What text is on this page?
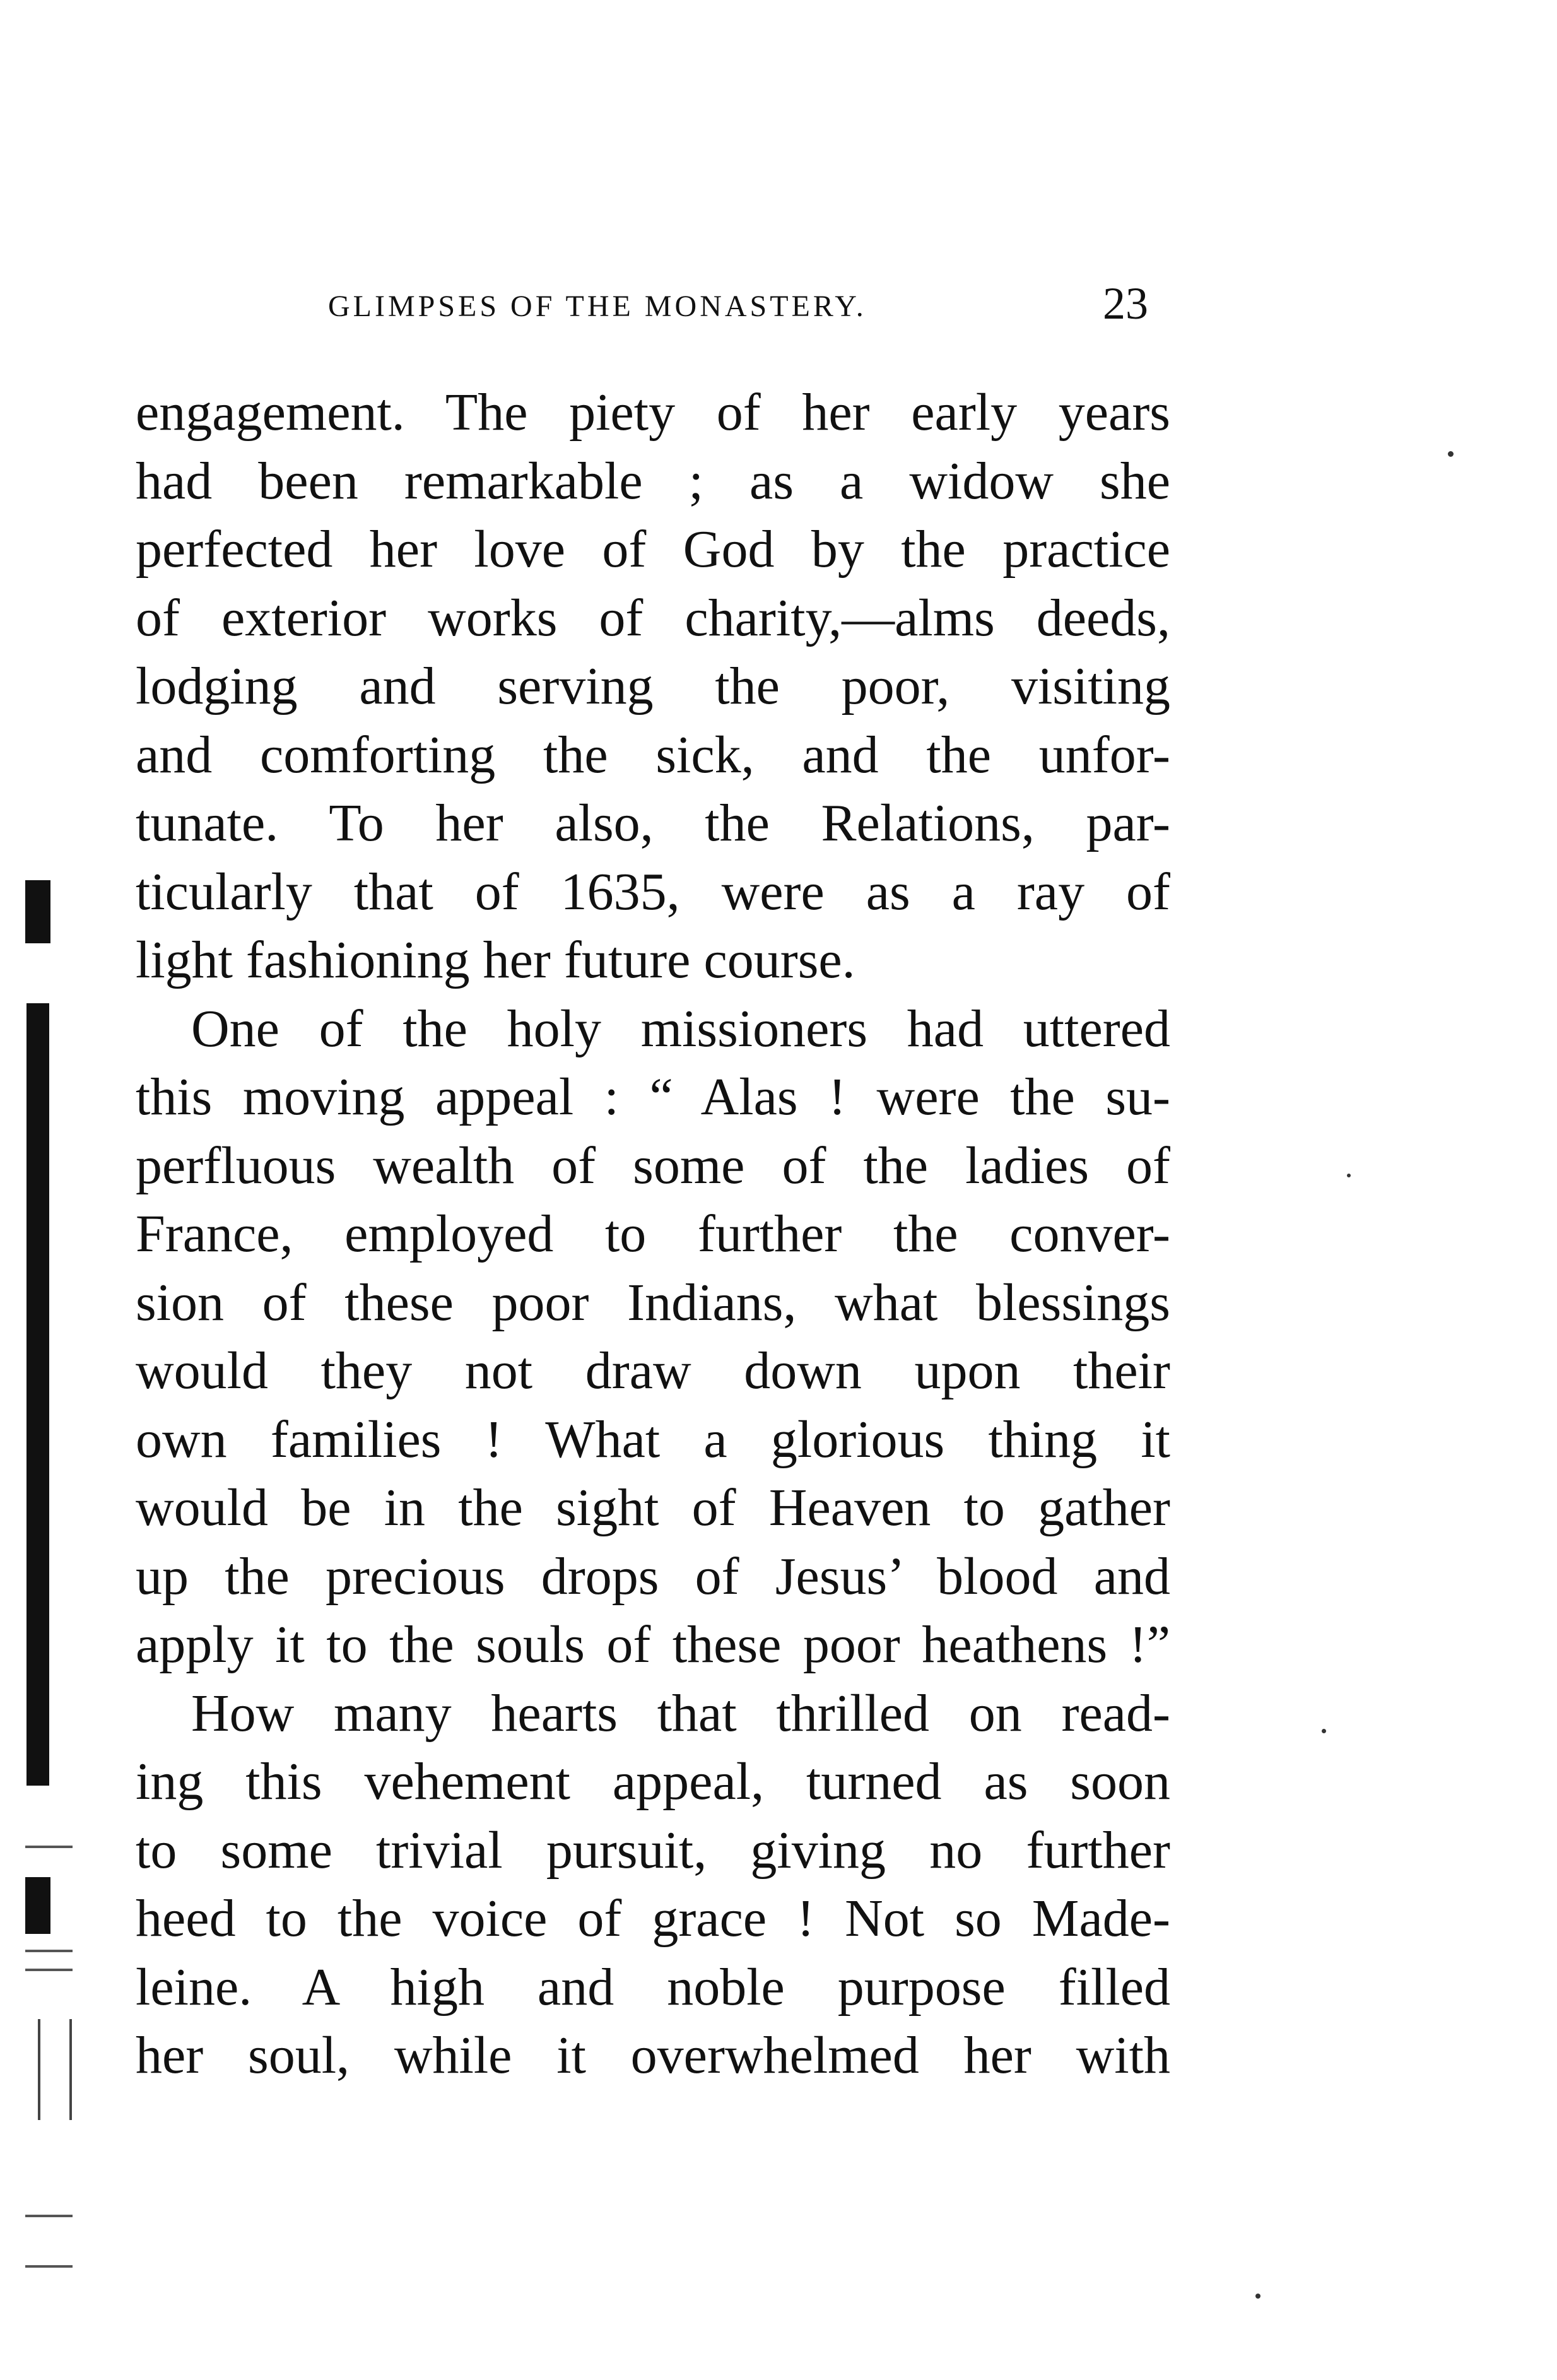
GLIMPSES OF THE MONASTERY.	23
engagement. The piety of her early years
had been remarkable ; as a widow she
perfected her love of God by the practice
of exterior works of charity,—alms deeds,
lodging and serving the poor, visiting
and comforting the sick, and the unfor-
tunate. To her also, the Relations, par-
ticularly that of 1635, were as a ray of
light fashioning her future course.
One of the holy missioners had uttered
this moving appeal : “ Alas ! were the su-
perfluous wealth of some of the ladies of
France, employed to further the conver-
sion of these poor Indians, what blessings
would they not draw down upon their
own families ! What a glorious thing it
would be in the sight of Heaven to gather
up the precious drops of Jesus’ blood and
apply it to the souls of these poor heathens !”
How many hearts that thrilled on read-
ing this vehement appeal, turned as soon
to some trivial pursuit, giving no further
heed to the voice of grace ! Not so Made-
leine. A high and noble purpose filled
her soul, while it overwhelmed her with
